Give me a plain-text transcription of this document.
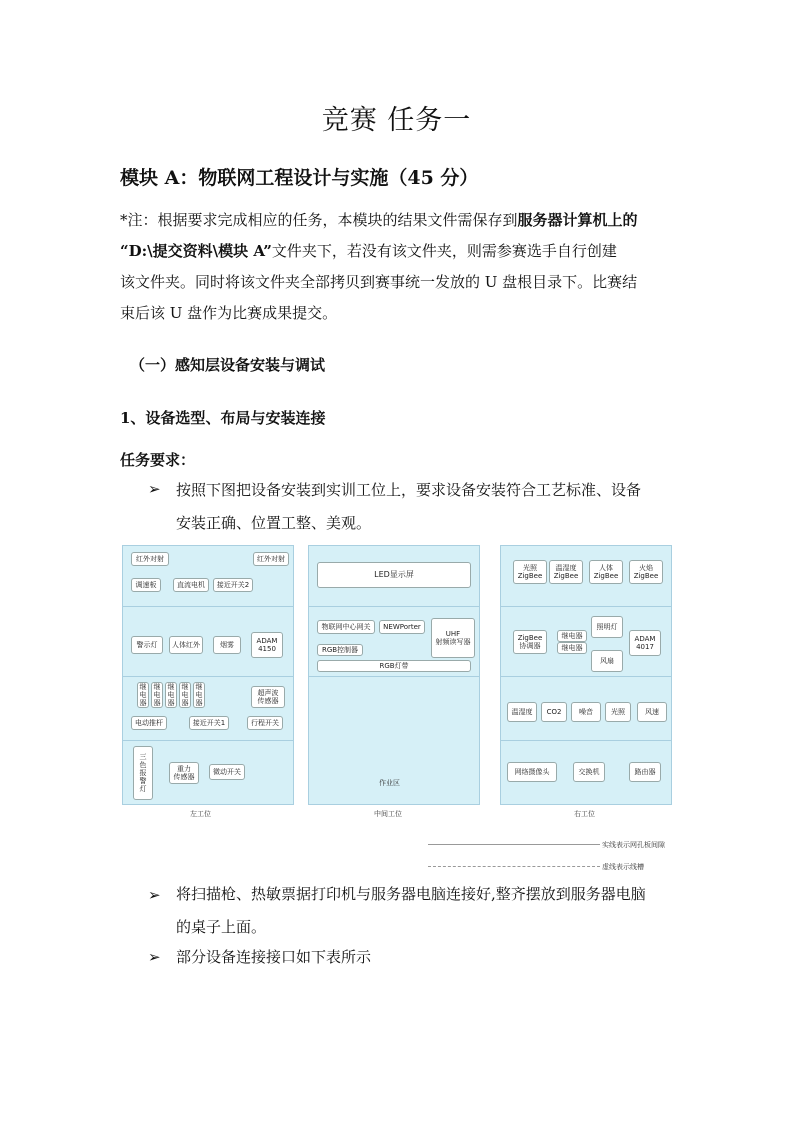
竞赛 任务一
模块 A：物联网工程设计与实施（45 分）
*注：根据要求完成相应的任务，本模块的结果文件需保存到服务器计算机上的
“D:\提交资料\模块 A”文件夹下，若没有该文件夹，则需参赛选手自行创建
该文件夹。同时将该文件夹全部拷贝到赛事统一发放的 U 盘根目录下。比赛结
束后该 U 盘作为比赛成果提交。
（一）感知层设备安装与调试
1、设备选型、布局与安装连接
任务要求：
➢ 按照下图把设备安装到实训工位上，要求设备安装符合工艺标准、设备
安装正确、位置工整、美观。
红外对射	红外对射
调速板	直流电机	接近开关2
警示灯	人体红外	烟雾	ADAM
4150
继电器
继电器
继电器
继电器
继电器
超声波
传感器
电动推杆	接近开关1	行程开关
三
色
报
警
灯
重力
传感器
微动开关
左工位
LED显示屏
物联网中心网关	NEWPorter
UHF
射频读写器
RGB控制器
RGB灯带
作业区
中间工位
光照
ZigBee
温湿度
ZigBee
人体
ZigBee
火焰
ZigBee
ZigBee
协调器
继电器
继电器
照明灯
ADAM
4017
风扇
温湿度	CO2	噪音	光照	风速
网络摄像头	交换机	路由器
右工位
实线表示网孔板间隙
虚线表示线槽
➢ 将扫描枪、热敏票据打印机与服务器电脑连接好,整齐摆放到服务器电脑
的桌子上面。
➢ 部分设备连接接口如下表所示
